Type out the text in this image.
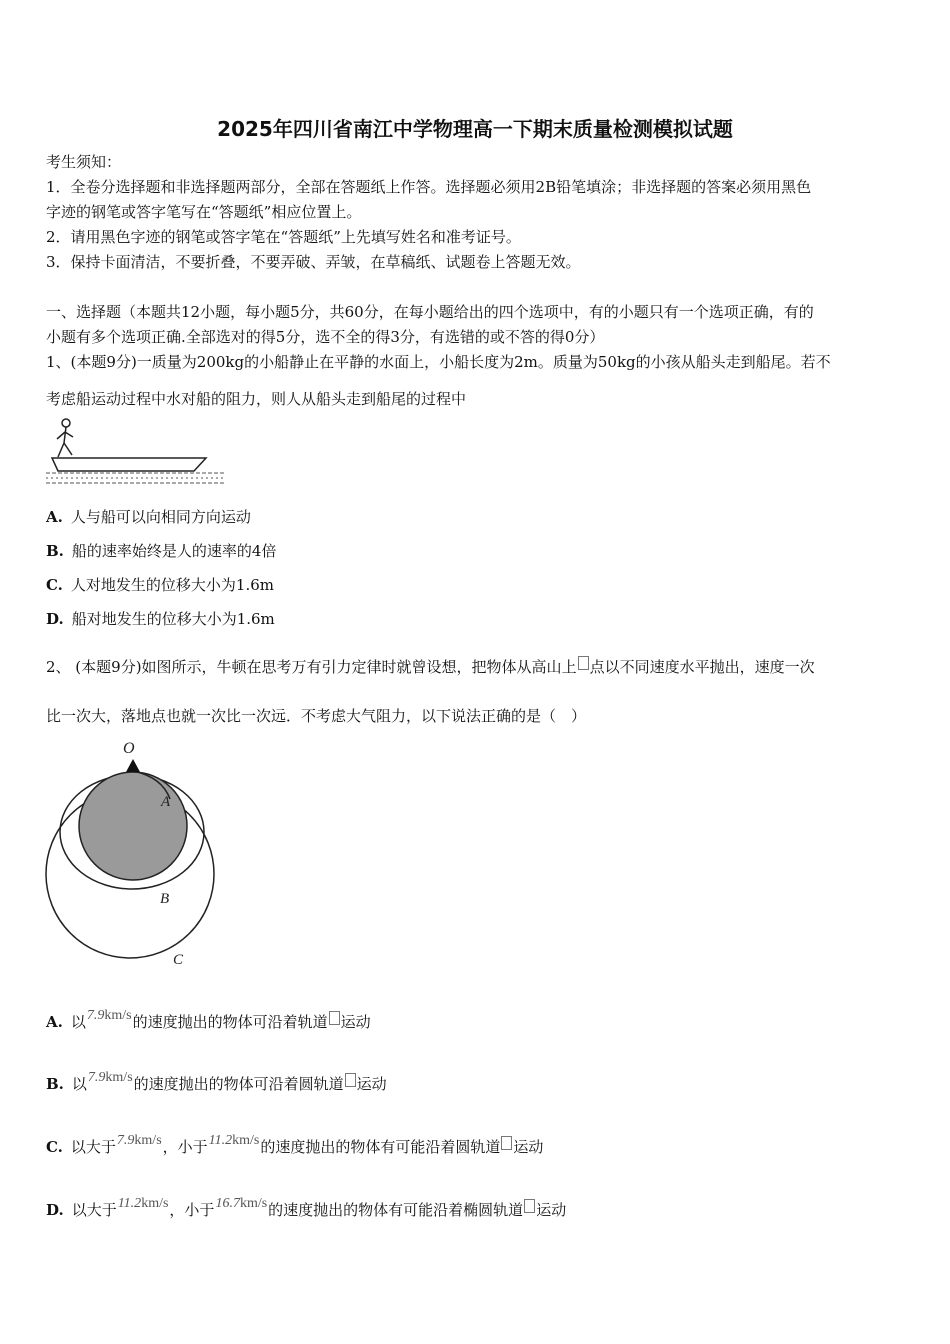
2025年四川省南江中学物理高一下期末质量检测模拟试题
考生须知：
1．全卷分选择题和非选择题两部分，全部在答题纸上作答。选择题必须用2B铅笔填涂；非选择题的答案必须用黑色
字迹的钢笔或答字笔写在“答题纸”相应位置上。
2．请用黑色字迹的钢笔或答字笔在“答题纸”上先填写姓名和准考证号。
3．保持卡面清洁，不要折叠，不要弄破、弄皱，在草稿纸、试题卷上答题无效。
一、选择题（本题共12小题，每小题5分，共60分，在每小题给出的四个选项中，有的小题只有一个选项正确，有的
小题有多个选项正确.全部选对的得5分，选不全的得3分，有选错的或不答的得0分）
1、(本题9分)一质量为200kg的小船静止在平静的水面上，小船长度为2m。质量为50kg的小孩从船头走到船尾。若不
考虑船运动过程中水对船的阻力，则人从船头走到船尾的过程中
A. 人与船可以向相同方向运动
B. 船的速率始终是人的速率的4倍
C. 人对地发生的位移大小为1.6m
D. 船对地发生的位移大小为1.6m
2、 (本题9分)如图所示，牛顿在思考万有引力定律时就曾设想，把物体从高山上 点以不同速度水平抛出，速度一次
比一次大，落地点也就一次比一次远．不考虑大气阻力，以下说法正确的是（　）
O
A
B
C
A. 以7.9km/s的速度抛出的物体可沿着轨道 运动
B. 以7.9km/s的速度抛出的物体可沿着圆轨道 运动
C. 以大于7.9km/s，小于11.2km/s的速度抛出的物体有可能沿着圆轨道 运动
D. 以大于11.2km/s，小于16.7km/s的速度抛出的物体有可能沿着椭圆轨道 运动
